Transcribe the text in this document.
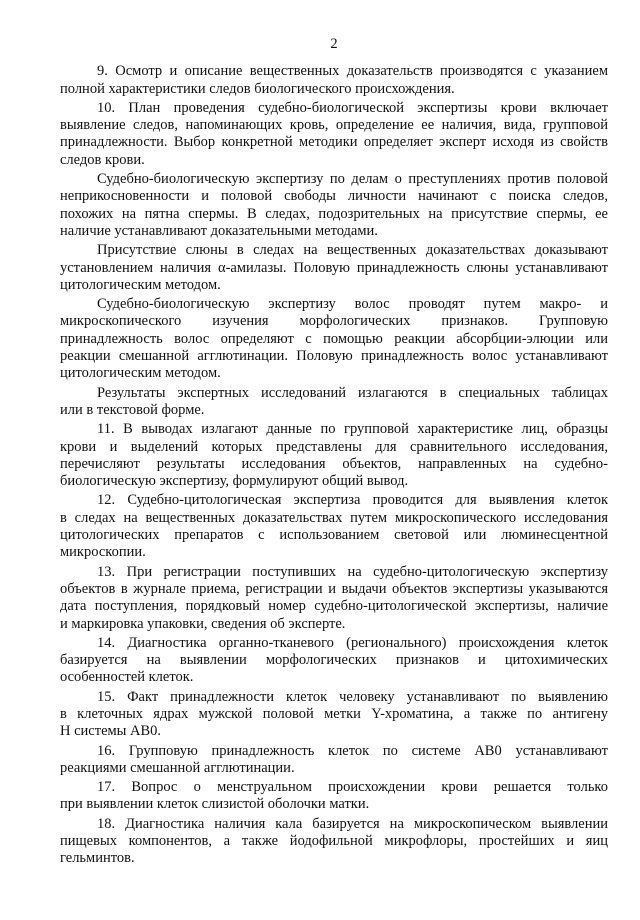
2
9. Осмотр и описание вещественных доказательств производятся с указанием
полной характеристики следов биологического происхождения.
10. План проведения судебно-биологической экспертизы крови включает
выявление следов, напоминающих кровь, определение ее наличия, вида, групповой
принадлежности. Выбор конкретной методики определяет эксперт исходя из свойств
следов крови.
Судебно-биологическую экспертизу по делам о преступлениях против половой
неприкосновенности и половой свободы личности начинают с поиска следов,
похожих на пятна спермы. В следах, подозрительных на присутствие спермы, ее
наличие устанавливают доказательными методами.
Присутствие слюны в следах на вещественных доказательствах доказывают
установлением наличия α-амилазы. Половую принадлежность слюны устанавливают
цитологическим методом.
Судебно-биологическую экспертизу волос проводят путем макро- и
микроскопического изучения морфологических признаков. Групповую
принадлежность волос определяют с помощью реакции абсорбции-элюции или
реакции смешанной агглютинации. Половую принадлежность волос устанавливают
цитологическим методом.
Результаты экспертных исследований излагаются в специальных таблицах
или в текстовой форме.
11. В выводах излагают данные по групповой характеристике лиц, образцы
крови и выделений которых представлены для сравнительного исследования,
перечисляют результаты исследования объектов, направленных на судебно-
биологическую экспертизу, формулируют общий вывод.
12. Судебно-цитологическая экспертиза проводится для выявления клеток
в следах на вещественных доказательствах путем микроскопического исследования
цитологических препаратов с использованием световой или люминесцентной
микроскопии.
13. При регистрации поступивших на судебно-цитологическую экспертизу
объектов в журнале приема, регистрации и выдачи объектов экспертизы указываются
дата поступления, порядковый номер судебно-цитологической экспертизы, наличие
и маркировка упаковки, сведения об эксперте.
14. Диагностика органно-тканевого (регионального) происхождения клеток
базируется на выявлении морфологических признаков и цитохимических
особенностей клеток.
15. Факт принадлежности клеток человеку устанавливают по выявлению
в клеточных ядрах мужской половой метки Y-хроматина, а также по антигену
Н системы АВ0.
16. Групповую принадлежность клеток по системе АВ0 устанавливают
реакциями смешанной агглютинации.
17. Вопрос о менструальном происхождении крови решается только
при выявлении клеток слизистой оболочки матки.
18. Диагностика наличия кала базируется на микроскопическом выявлении
пищевых компонентов, а также йодофильной микрофлоры, простейших и яиц
гельминтов.
